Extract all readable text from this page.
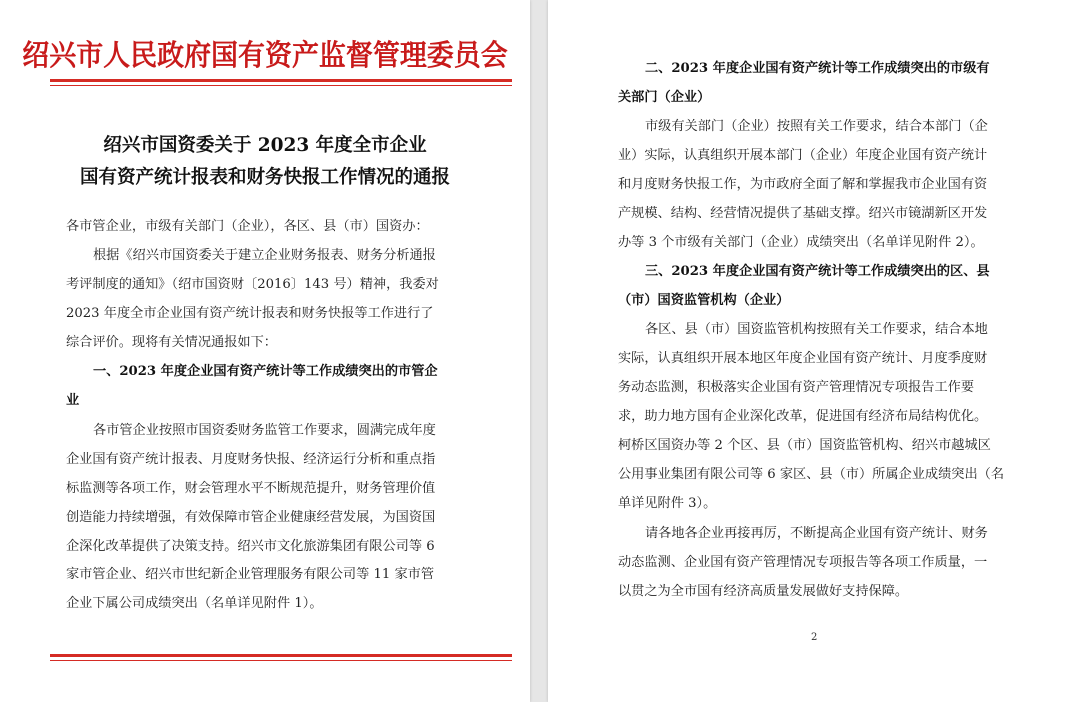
绍兴市人民政府国有资产监督管理委员会
绍兴市国资委关于 2023 年度全市企业
国有资产统计报表和财务快报工作情况的通报
各市管企业，市级有关部门（企业），各区、县（市）国资办：
根据《绍兴市国资委关于建立企业财务报表、财务分析通报
考评制度的通知》（绍市国资财〔2016〕143 号）精神，我委对
2023 年度全市企业国有资产统计报表和财务快报等工作进行了
综合评价。现将有关情况通报如下：
一、2023 年度企业国有资产统计等工作成绩突出的市管企
业
各市管企业按照市国资委财务监管工作要求，圆满完成年度
企业国有资产统计报表、月度财务快报、经济运行分析和重点指
标监测等各项工作，财会管理水平不断规范提升，财务管理价值
创造能力持续增强，有效保障市管企业健康经营发展，为国资国
企深化改革提供了决策支持。绍兴市文化旅游集团有限公司等 6
家市管企业、绍兴市世纪新企业管理服务有限公司等 11 家市管
企业下属公司成绩突出（名单详见附件 1）。
二、2023 年度企业国有资产统计等工作成绩突出的市级有
关部门（企业）
市级有关部门（企业）按照有关工作要求，结合本部门（企
业）实际，认真组织开展本部门（企业）年度企业国有资产统计
和月度财务快报工作，为市政府全面了解和掌握我市企业国有资
产规模、结构、经营情况提供了基础支撑。绍兴市镜湖新区开发
办等 3 个市级有关部门（企业）成绩突出（名单详见附件 2）。
三、2023 年度企业国有资产统计等工作成绩突出的区、县
（市）国资监管机构（企业）
各区、县（市）国资监管机构按照有关工作要求，结合本地
实际，认真组织开展本地区年度企业国有资产统计、月度季度财
务动态监测，积极落实企业国有资产管理情况专项报告工作要
求，助力地方国有企业深化改革，促进国有经济布局结构优化。
柯桥区国资办等 2 个区、县（市）国资监管机构、绍兴市越城区
公用事业集团有限公司等 6 家区、县（市）所属企业成绩突出（名
单详见附件 3）。
请各地各企业再接再厉，不断提高企业国有资产统计、财务
动态监测、企业国有资产管理情况专项报告等各项工作质量，一
以贯之为全市国有经济高质量发展做好支持保障。
2
